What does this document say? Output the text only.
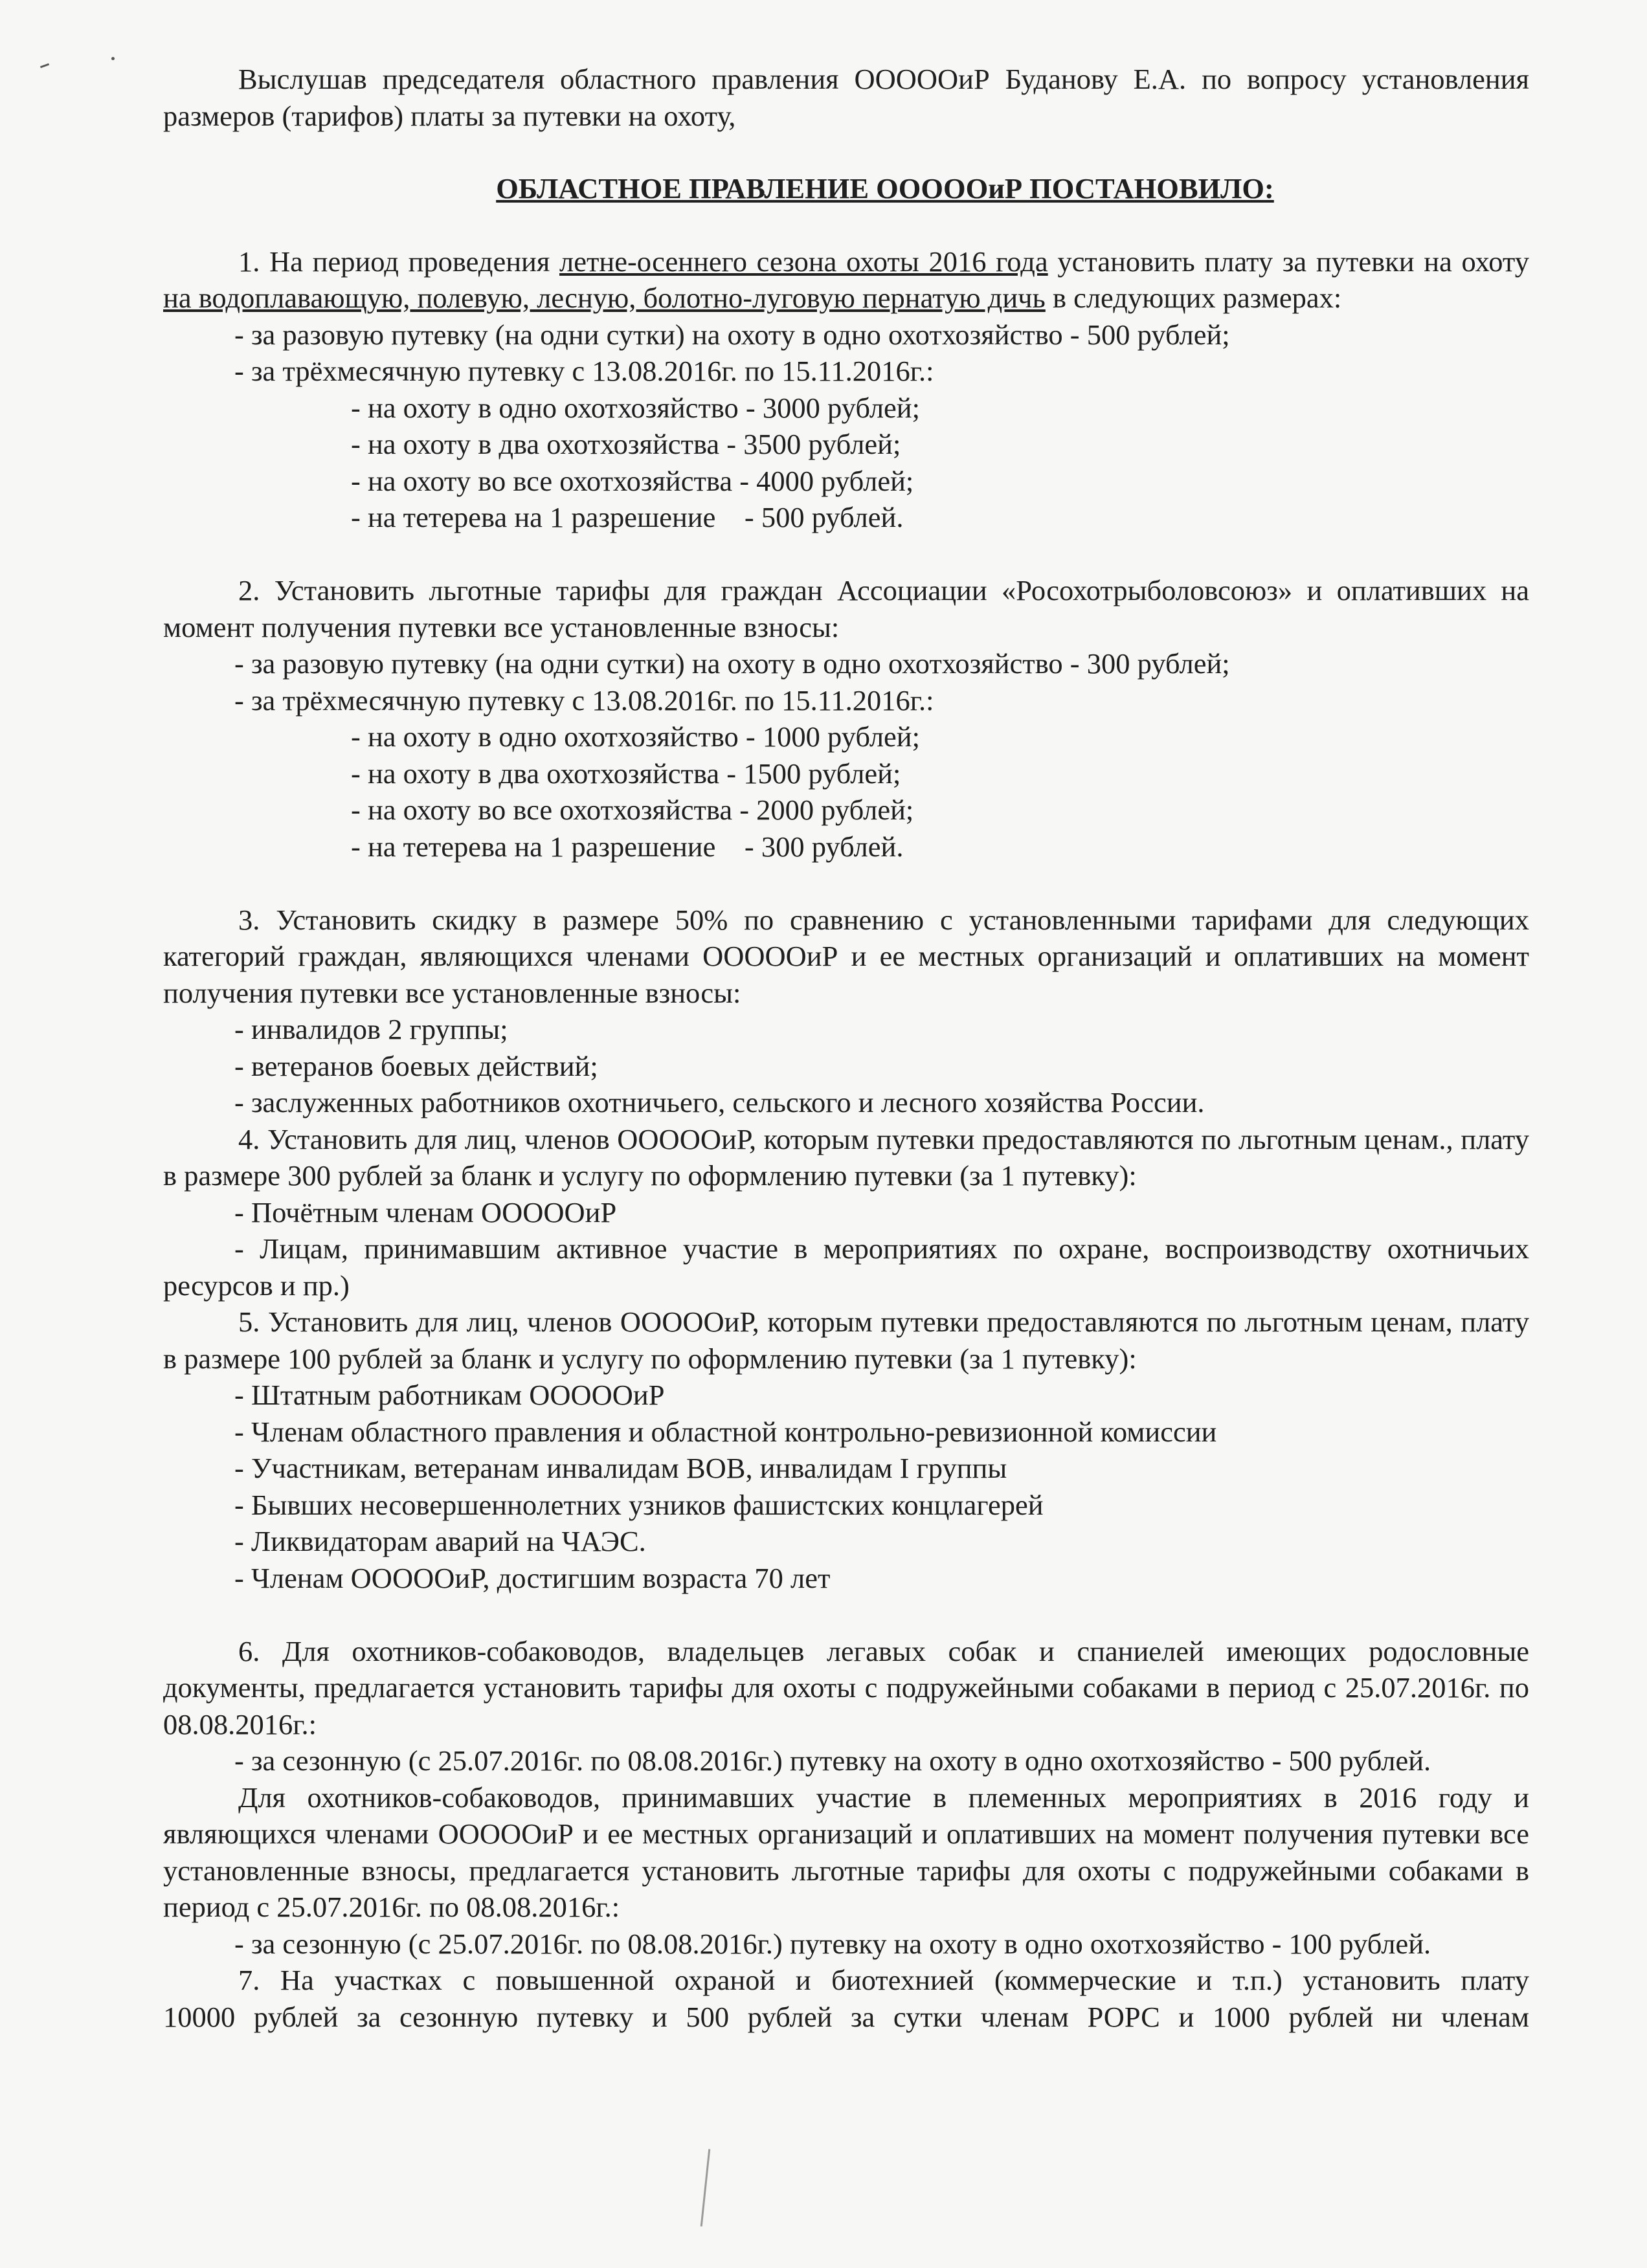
Выслушав председателя областного правления ОООООиР Буданову Е.А. по вопросу установления размеров (тарифов) платы за путевки на охоту,

ОБЛАСТНОЕ ПРАВЛЕНИЕ ОООООиР ПОСТАНОВИЛО:

1. На период проведения летне-осеннего сезона охоты 2016 года установить плату за путевки на охоту на водоплавающую, полевую, лесную, болотно-луговую пернатую дичь в следующих размерах:

- за разовую путевку (на одни сутки) на охоту в одно охотхозяйство - 500 рублей;

- за трёхмесячную путевку с 13.08.2016г. по 15.11.2016г.:

- на охоту в одно охотхозяйство - 3000 рублей;

- на охоту в два охотхозяйства - 3500 рублей;

- на охоту во все охотхозяйства - 4000 рублей;

- на тетерева на 1 разрешение    - 500 рублей.

2. Установить льготные тарифы для граждан Ассоциации «Росохотрыболовсоюз» и оплативших на момент получения путевки все установленные взносы:

- за разовую путевку (на одни сутки) на охоту в одно охотхозяйство - 300 рублей;

- за трёхмесячную путевку с 13.08.2016г. по 15.11.2016г.:

- на охоту в одно охотхозяйство - 1000 рублей;

- на охоту в два охотхозяйства - 1500 рублей;

- на охоту во все охотхозяйства - 2000 рублей;

- на тетерева на 1 разрешение    - 300 рублей.

3. Установить скидку в размере 50% по сравнению с установленными тарифами для следующих категорий граждан, являющихся членами ОООООиР и ее местных организаций и оплативших на момент получения путевки все установленные взносы:

- инвалидов 2 группы;

- ветеранов боевых действий;

- заслуженных работников охотничьего, сельского и лесного хозяйства России.

4. Установить для лиц, членов ОООООиР, которым путевки предоставляются по льготным ценам., плату в размере 300 рублей за бланк и услугу по оформлению путевки (за 1 путевку):

- Почётным членам ОООООиР

- Лицам, принимавшим активное участие в мероприятиях по охране, воспроизводству охотничьих ресурсов и пр.)

5. Установить для лиц, членов ОООООиР, которым путевки предоставляются по льготным ценам, плату в размере 100 рублей за бланк и услугу по оформлению путевки (за 1 путевку):

- Штатным работникам ОООООиР

- Членам областного правления и областной контрольно-ревизионной комиссии

- Участникам, ветеранам инвалидам ВОВ, инвалидам I группы

- Бывших несовершеннолетних узников фашистских концлагерей

- Ликвидаторам аварий на ЧАЭС.

- Членам ОООООиР, достигшим возраста 70 лет

6. Для охотников-собаководов, владельцев легавых собак и спаниелей имеющих родословные документы, предлагается установить тарифы для охоты с подружейными собаками в период с 25.07.2016г. по 08.08.2016г.:

- за сезонную (с 25.07.2016г. по 08.08.2016г.) путевку на охоту в одно охотхозяйство - 500 рублей.

Для охотников-собаководов, принимавших участие в племенных мероприятиях в 2016 году и являющихся членами ОООООиР и ее местных организаций и оплативших на момент получения путевки все установленные взносы, предлагается установить льготные тарифы для охоты с подружейными собаками в период с 25.07.2016г. по 08.08.2016г.:

- за сезонную (с 25.07.2016г. по 08.08.2016г.) путевку на охоту в одно охотхозяйство - 100 рублей.

7. На участках с повышенной охраной и биотехнией (коммерческие и т.п.) установить плату

10000 рублей за сезонную путевку и 500 рублей за сутки членам РОРС и 1000 рублей ни членам
